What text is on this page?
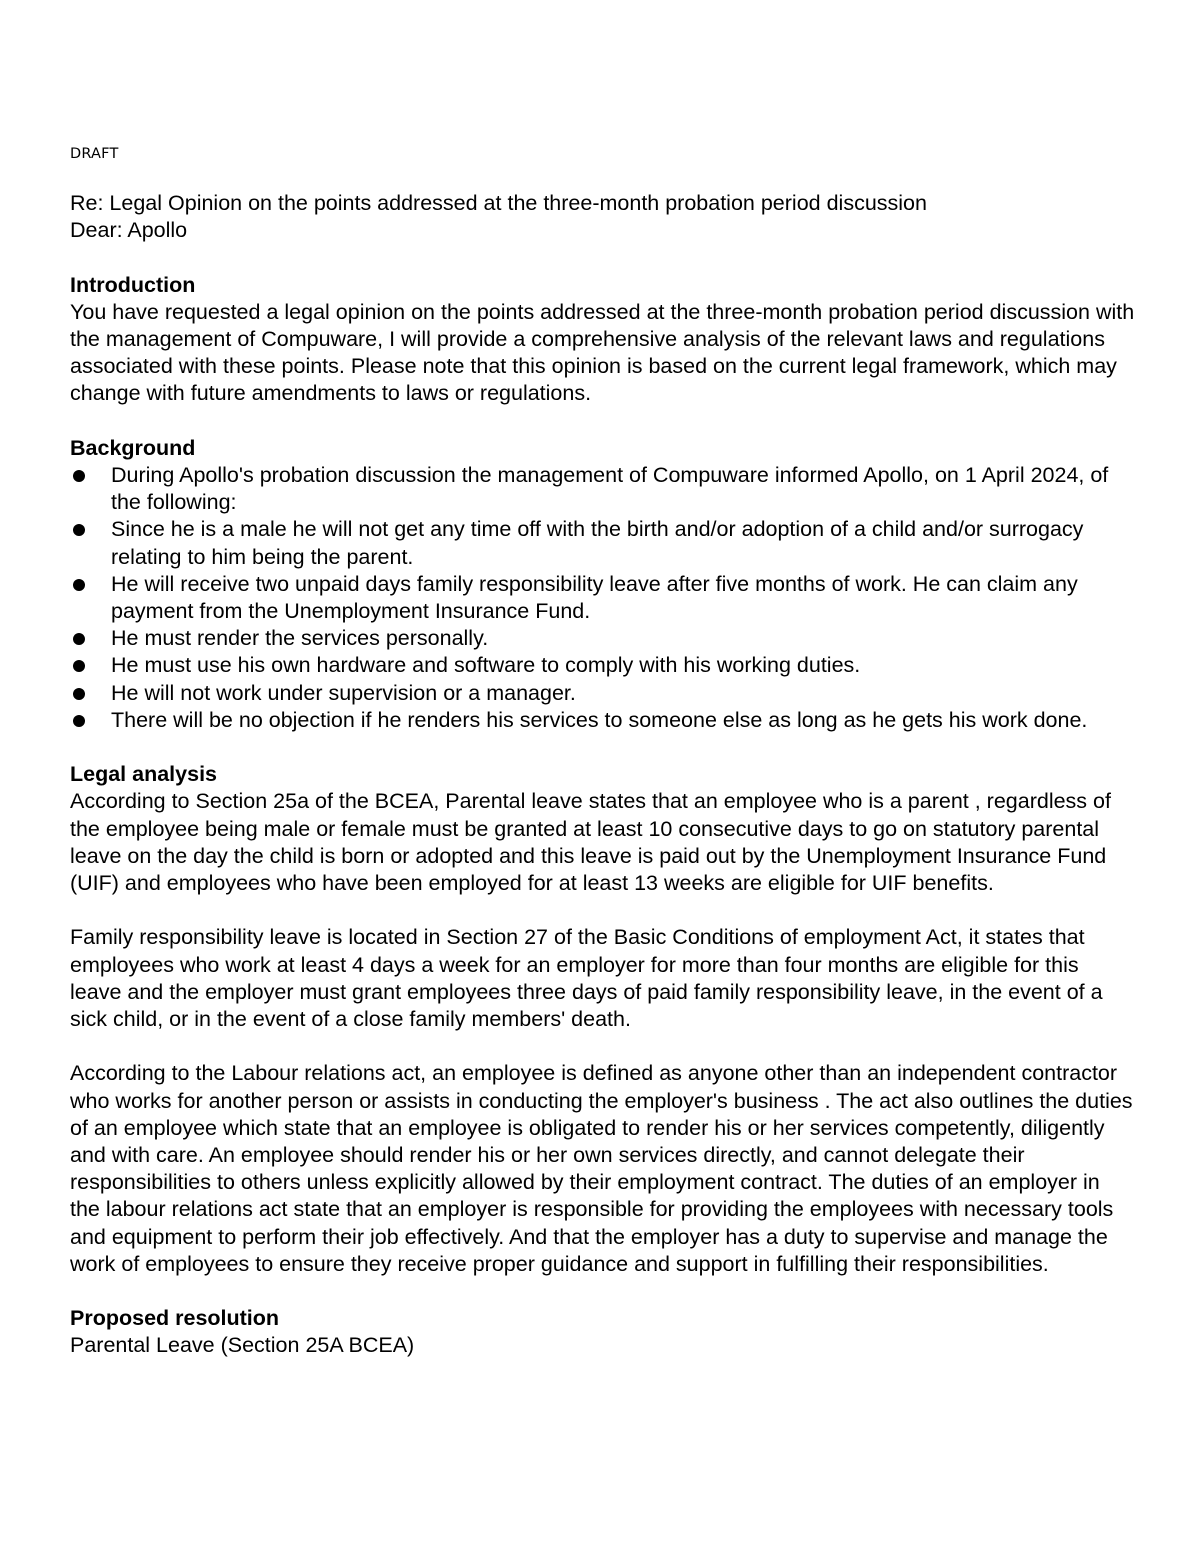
DRAFT
Re: Legal Opinion on the points addressed at the three-month probation period discussion
Dear: Apollo
Introduction

You have requested a legal opinion on the points addressed at the three-month probation period discussion with the management of Compuware, I will provide a comprehensive analysis of the relevant laws and regulations associated with these points. Please note that this opinion is based on the current legal framework, which may change with future amendments to laws or regulations.

Background
During Apollo's probation discussion the management of Compuware informed Apollo, on 1 April 2024, of the following:
Since he is a male he will not get any time off with the birth and/or adoption of a child and/or surrogacy relating to him being the parent.
He will receive two unpaid days family responsibility leave after five months of work. He can claim any payment from the Unemployment Insurance Fund.
He must render the services personally.
He must use his own hardware and software to comply with his working duties.
He will not work under supervision or a manager.
There will be no objection if he renders his services to someone else as long as he gets his work done.
Legal analysis

According to Section 25a of the BCEA, Parental leave states that an employee who is a parent , regardless of the employee being male or female must be granted at least 10 consecutive days to go on statutory parental leave on the day the child is born or adopted and this leave is paid out by the Unemployment Insurance Fund (UIF) and employees who have been employed for at least 13 weeks are eligible for UIF benefits.

Family responsibility leave is located in Section 27 of the Basic Conditions of employment Act, it states that employees who work at least 4 days a week for an employer for more than four months are eligible for this leave and the employer must grant employees three days of paid family responsibility leave, in the event of a sick child, or in the event of a close family members' death.

According to the Labour relations act, an employee is defined as anyone other than an independent contractor who works for another person or assists in conducting the employer's business . The act also outlines the duties of an employee which state that an employee is obligated to render his or her services competently, diligently and with care. An employee should render his or her own services directly, and cannot delegate their responsibilities to others unless explicitly allowed by their employment contract. The duties of an employer in the labour relations act state that an employer is responsible for providing the employees with necessary tools and equipment to perform their job effectively. And that the employer has a duty to supervise and manage the work of employees to ensure they receive proper guidance and support in fulfilling their responsibilities.

Proposed resolution
Parental Leave (Section 25A BCEA)
